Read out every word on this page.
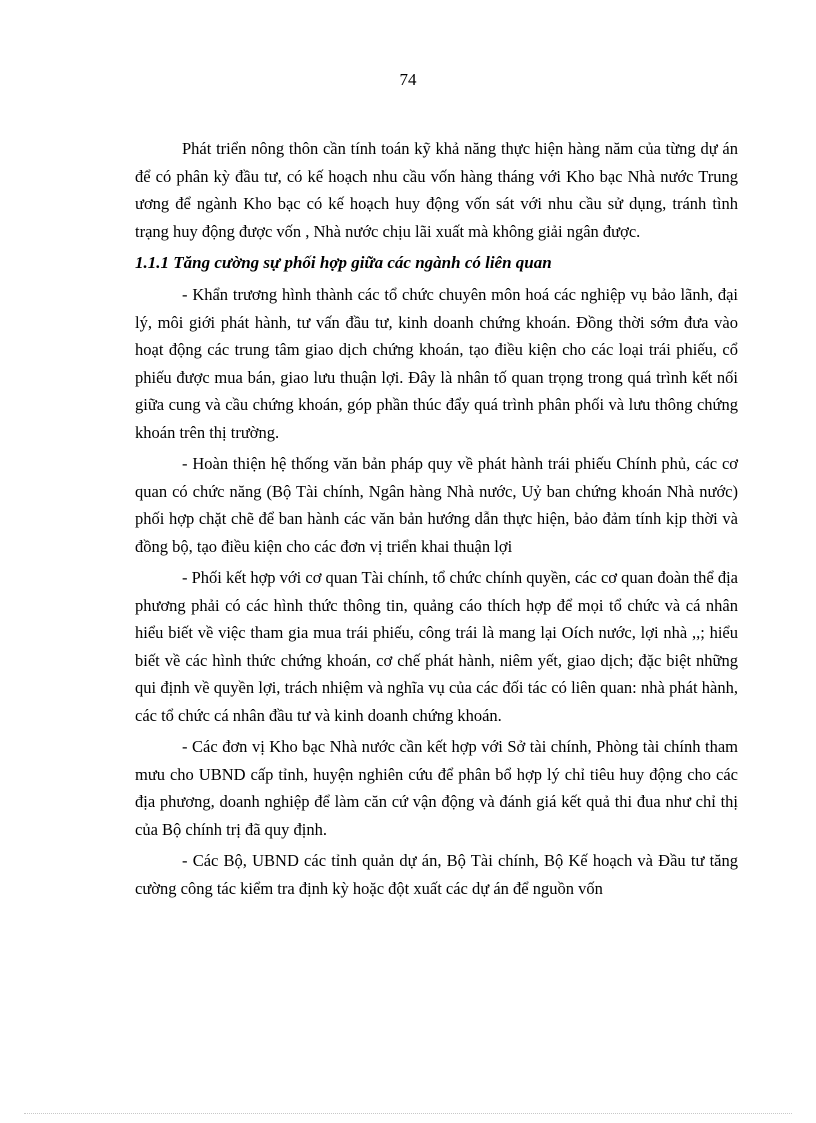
74

Phát triển nông thôn cần tính toán kỹ khả năng thực hiện hàng năm của từng dự án để có phân kỳ đầu tư, có kế hoạch nhu cầu vốn hàng tháng với Kho bạc Nhà nước Trung ương để ngành Kho bạc có kế hoạch huy động vốn sát với nhu cầu sử dụng, tránh tình trạng huy động được vốn , Nhà nước chịu lãi xuất mà không giải ngân được.

1.1.1 Tăng cường sự phối hợp giữa các ngành có liên quan

- Khẩn trương hình thành các tổ chức chuyên môn hoá các nghiệp vụ bảo lãnh, đại lý, môi giới phát hành, tư vấn đầu tư, kinh doanh chứng khoán. Đồng thời sớm đưa vào hoạt động các trung tâm giao dịch chứng khoán, tạo điều kiện cho các loại trái phiếu, cổ phiếu được mua bán, giao lưu thuận lợi. Đây là nhân tố quan trọng trong quá trình kết nối giữa cung và cầu chứng khoán, góp phần thúc đẩy quá trình phân phối và lưu thông chứng khoán trên thị trường.

- Hoàn thiện hệ thống văn bản pháp quy về phát hành trái phiếu Chính phủ, các cơ quan có chức năng (Bộ Tài chính, Ngân hàng Nhà nước, Uỷ ban chứng khoán Nhà nước) phối hợp chặt chẽ để ban hành các văn bản hướng dẫn thực hiện, bảo đảm tính kịp thời và đồng bộ, tạo điều kiện cho các đơn vị triển khai thuận lợi

- Phối kết hợp với cơ quan Tài chính, tổ chức chính quyền, các cơ quan đoàn thể địa phương phải có các hình thức thông tin, quảng cáo thích hợp để mọi tổ chức và cá nhân hiểu biết về việc tham gia mua trái phiếu, công trái là mang lại Oích nước, lợi nhà ,,; hiểu biết về các hình thức chứng khoán, cơ chế phát hành, niêm yết, giao dịch; đặc biệt những qui định về quyền lợi, trách nhiệm và nghĩa vụ của các đối tác có liên quan: nhà phát hành, các tổ chức cá nhân đầu tư và kinh doanh chứng khoán.

- Các đơn vị Kho bạc Nhà nước cần kết hợp với Sở tài chính, Phòng tài chính tham mưu cho UBND cấp tỉnh, huyện nghiên cứu để phân bổ hợp lý chỉ tiêu huy động cho các địa phương, doanh nghiệp để làm căn cứ vận động và đánh giá kết quả thi đua như chỉ thị của Bộ chính trị đã quy định.

- Các Bộ, UBND các tỉnh quản dự án, Bộ Tài chính, Bộ Kế hoạch và Đầu tư tăng cường công tác kiểm tra định kỳ hoặc đột xuất các dự án để nguồn vốn
